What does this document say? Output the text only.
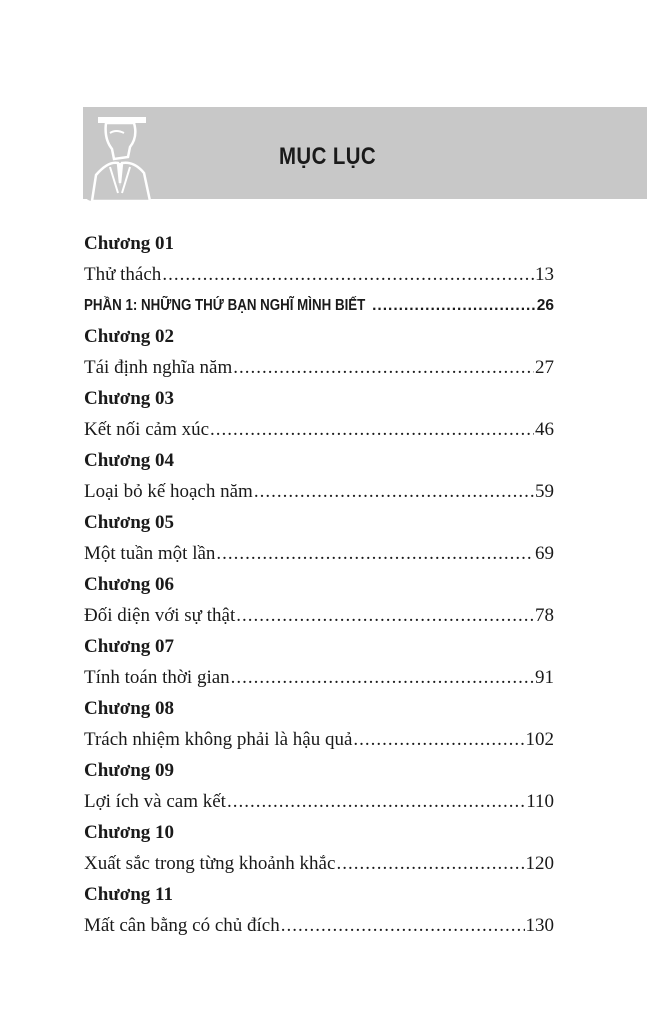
MỤC LỤC
Chương 01
Thử thách .....	13
PHẦN 1: NHỮNG THỨ BẠN NGHĨ MÌNH BIẾT .....	26
Chương 02
Tái định nghĩa năm .....	27
Chương 03
Kết nối cảm xúc .....	46
Chương 04
Loại bỏ kế hoạch năm .....	59
Chương 05
Một tuần một lần .....	69
Chương 06
Đối diện với sự thật .....	78
Chương 07
Tính toán thời gian .....	91
Chương 08
Trách nhiệm không phải là hậu quả .....	102
Chương 09
Lợi ích và cam kết .....	110
Chương 10
Xuất sắc trong từng khoảnh khắc .....	120
Chương 11
Mất cân bằng có chủ đích .....	130
